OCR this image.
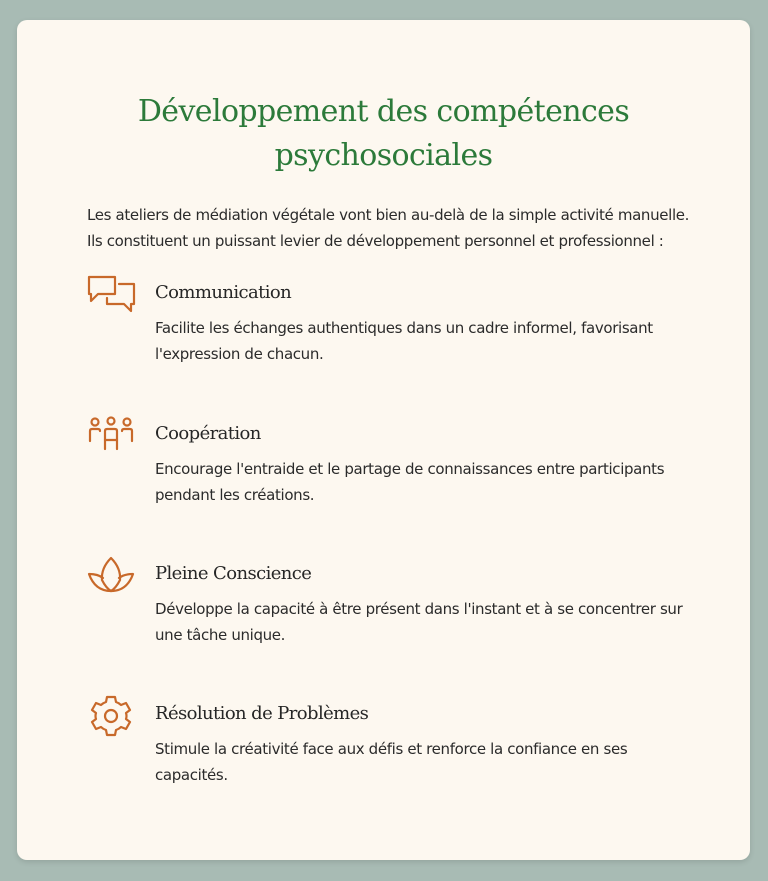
Développement des compétences psychosociales

Les ateliers de médiation végétale vont bien au-delà de la simple activité manuelle. Ils constituent un puissant levier de développement personnel et professionnel :

Communication

Facilite les échanges authentiques dans un cadre informel, favorisant l'expression de chacun.

Coopération

Encourage l'entraide et le partage de connaissances entre participants pendant les créations.

Pleine Conscience

Développe la capacité à être présent dans l'instant et à se concentrer sur une tâche unique.

Résolution de Problèmes

Stimule la créativité face aux défis et renforce la confiance en ses capacités.
